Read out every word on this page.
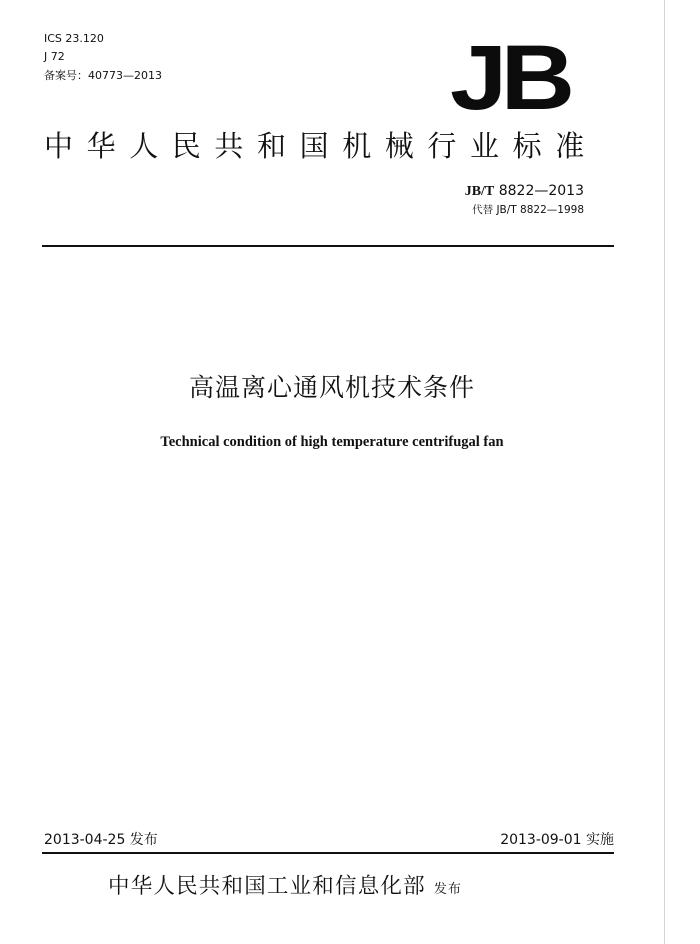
ICS 23.120
J 72
备案号：40773—2013	JB
中华人民共和国机械行业标准
JB/T 8822—2013
代替 JB/T 8822—1998
高温离心通风机技术条件
Technical condition of high temperature centrifugal fan
2013-04-25 发布	2013-09-01 实施
中华人民共和国工业和信息化部 发布
